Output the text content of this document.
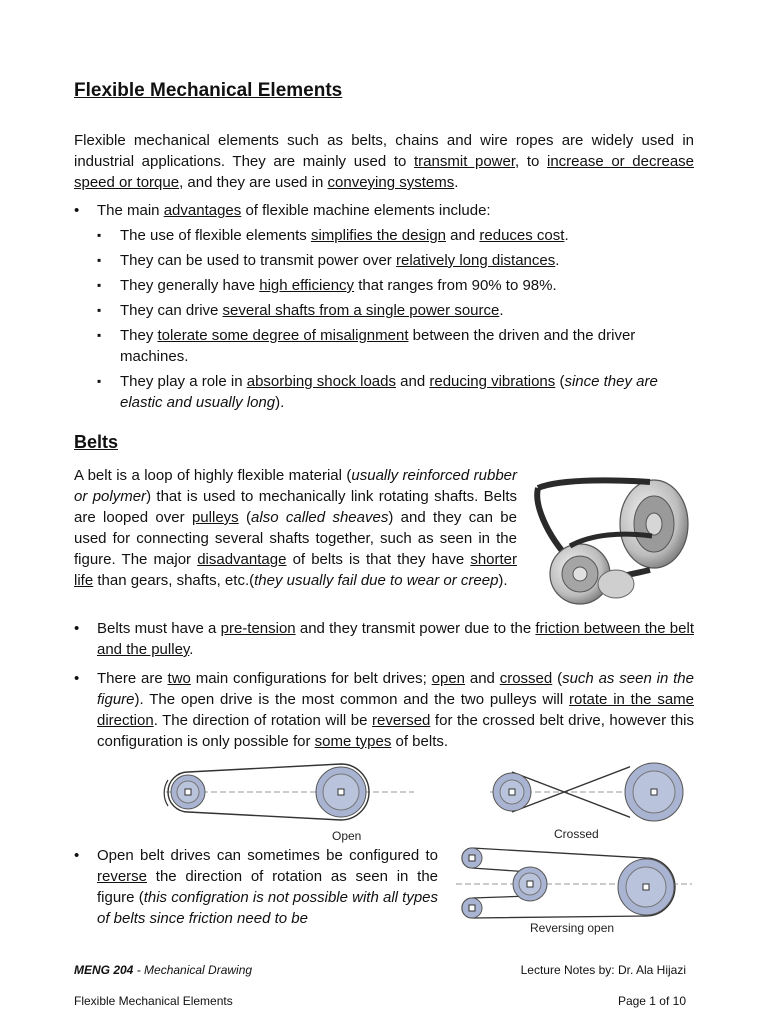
Flexible Mechanical Elements
Flexible mechanical elements such as belts, chains and wire ropes are widely used in industrial applications. They are mainly used to transmit power, to increase or decrease speed or torque, and they are used in conveying systems.

• The main advantages of flexible machine elements include:

▪ The use of flexible elements simplifies the design and reduces cost.

▪ They can be used to transmit power over relatively long distances.

▪ They generally have high efficiency that ranges from 90% to 98%.

▪ They can drive several shafts from a single power source.

▪ They tolerate some degree of misalignment between the driven and the driver machines.

▪ They play a role in absorbing shock loads and reducing vibrations (since they are elastic and usually long).

Belts
A belt is a loop of highly flexible material (usually reinforced rubber or polymer) that is used to mechanically link rotating shafts. Belts are looped over pulleys (also called sheaves) and they can be used for connecting several shafts together, such as seen in the figure. The major disadvantage of belts is that they have shorter life than gears, shafts, etc.(they usually fail due to wear or creep).

• Belts must have a pre-tension and they transmit power due to the friction between the belt and the pulley.

• There are two main configurations for belt drives; open and crossed (such as seen in the figure). The open drive is the most common and the two pulleys will rotate in the same direction. The direction of rotation will be reversed for the crossed belt drive, however this configuration is only possible for some types of belts.

Open	Crossed

• Open belt drives can sometimes be configured to reverse the direction of rotation as seen in the figure (this configration is not possible with all types of belts since friction need to be

Reversing open
MENG 204 - Mechanical Drawing	Lecture Notes by: Dr. Ala Hijazi
Flexible Mechanical Elements	Page 1 of 10
